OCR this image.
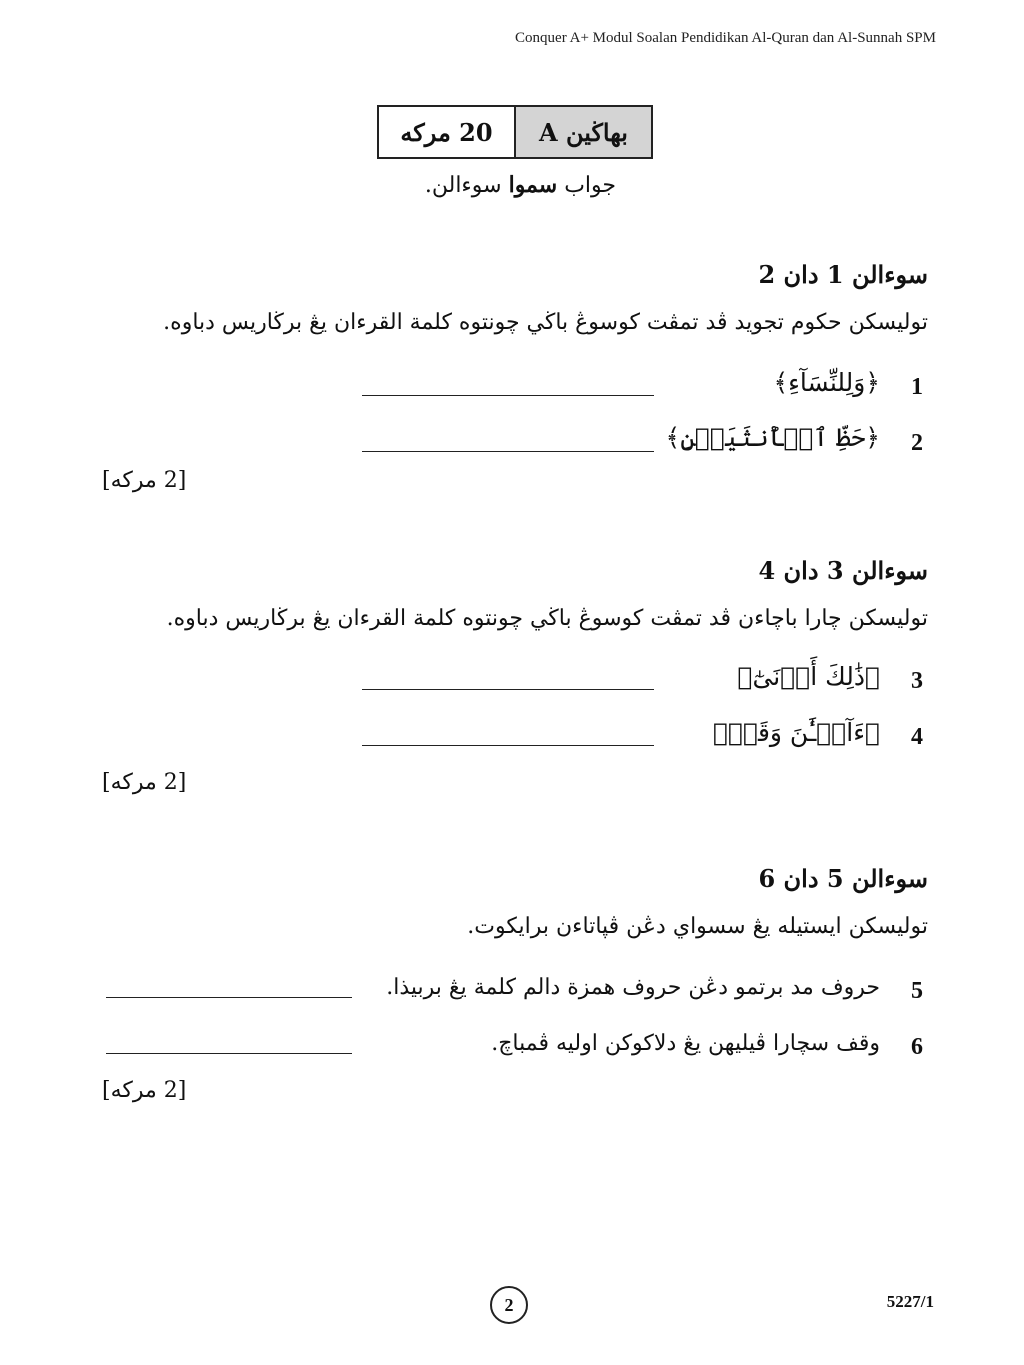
Conquer A+ Modul Soalan Pendidikan Al-Quran dan Al-Sunnah SPM
20 مرکه	بهاڬين A
جواب سموا سوءالن.
سوءالن 1 دان 2
توليسکن حکوم تجويد ڤد تمڤت کوسوڠ باڬي چونتوه کلمة القرءان يڠ برڬاريس دباوه.
1
﴿وَلِلنِّسَآءِ﴾
2
﴿حَظِّ ٱلۡأُنثَيَيۡنِ﴾
[2 مرکه]
سوءالن 3 دان 4
توليسکن چارا باچاءن ڤد تمڤت کوسوڠ باڬي چونتوه کلمة القرءان يڠ برڬاريس دباوه.
3
﴿ذَٰلِكَ أَدۡنَىٰٓ﴾
4
﴿ءَآلۡـَٰٔنَ وَقَدۡ﴾
[2 مرکه]
سوءالن 5 دان 6
توليسکن ايستيله يڠ سسواي دڠن ڤڽاتاءن برايکوت.
5
حروف مد برتمو دڠن حروف همزة دالم کلمة يڠ بربيذا.
6
وقف سچارا ڤيليهن يڠ دلاکوکن اوليه ڤمباچ.
[2 مرکه]
2	5227/1
